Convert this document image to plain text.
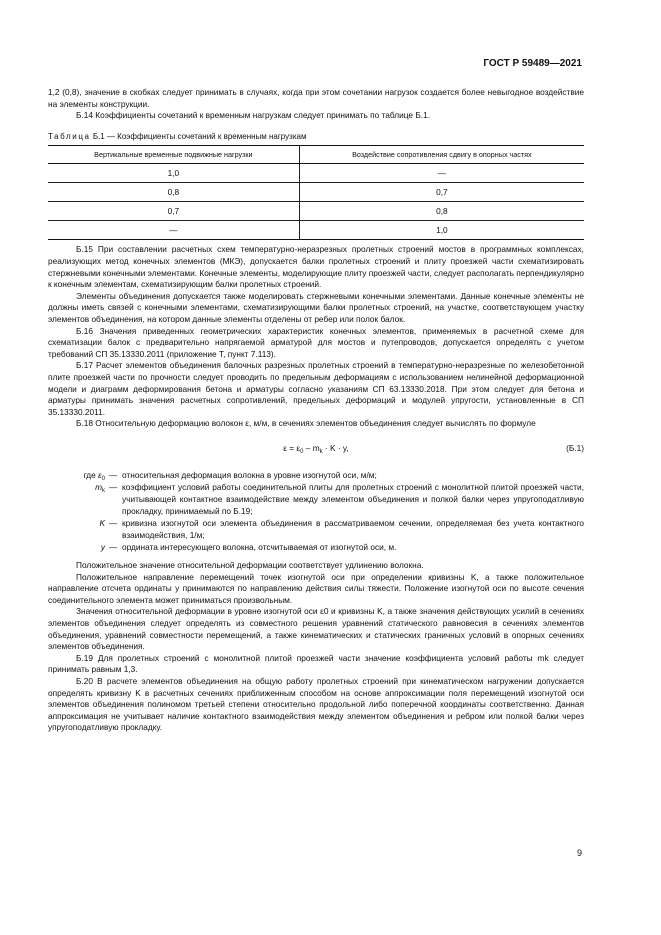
ГОСТ Р 59489—2021

1,2 (0,8), значение в скобках следует принимать в случаях, когда при этом сочетании нагрузок создается более невыгодное воздействие на элементы конструкции.

Б.14 Коэффициенты сочетаний к временным нагрузкам следует принимать по таблице Б.1.

Таблица Б.1 — Коэффициенты сочетаний к временным нагрузкам
Вертикальные временные подвижные нагрузки	Воздействие сопротивления сдвигу в опорных частях
1,0	—
0,8	0,7
0,7	0,8
—	1,0

Б.15 При составлении расчетных схем температурно-неразрезных пролетных строений мостов в программных комплексах, реализующих метод конечных элементов (МКЭ), допускается балки пролетных строений и плиту проезжей части схематизировать стержневыми конечными элементами. Конечные элементы, моделирующие плиту проезжей части, следует располагать перпендикулярно к конечным элементам, схематизирующим балки пролетных строений.

Элементы объединения допускается также моделировать стержневыми конечными элементами. Данные конечные элементы не должны иметь связей с конечными элементами, схематизирующими балки пролетных строений, на участке, соответствующем участку элементов объединения, на котором данные элементы отделены от ребер или полок балок.

Б.16 Значения приведенных геометрических характеристик конечных элементов, применяемых в расчетной схеме для схематизации балок с предварительно напрягаемой арматурой для мостов и путепроводов, допускается определять с учетом требований СП 35.13330.2011 (приложение Т, пункт 7.113).

Б.17 Расчет элементов объединения балочных разрезных пролетных строений в температурно-неразрезные по железобетонной плите проезжей части по прочности следует проводить по предельным деформациям с использованием нелинейной деформационной модели и диаграмм деформирования бетона и арматуры согласно указаниям СП 63.13330.2018. При этом следует для бетона и арматуры принимать значения расчетных сопротивлений, предельных деформаций и модулей упругости, установленные в СП 35.13330.2011.

Б.18 Относительную деформацию волокон ε, м/м, в сечениях элементов объединения следует вычислять по формуле

$\varepsilon = \varepsilon_0 - m_k \cdot K \cdot y$,	(Б.1)
где $\varepsilon_0$ — относительная деформация волокна в уровне изогнутой оси, м/м;
$m_k$ — коэффициент условий работы соединительной плиты для пролетных строений с монолитной плитой проезжей части, учитывающей контактное взаимодействие между элементом объединения и полкой балки через упругоподатливую прокладку, принимаемый по Б.19;
K — кривизна изогнутой оси элемента объединения в рассматриваемом сечении, определяемая без учета контактного взаимодействия, 1/м;
y — ордината интересующего волокна, отсчитываемая от изогнутой оси, м.

Положительное значение относительной деформации соответствует удлинению волокна.

Положительное направление перемещений точек изогнутой оси при определении кривизны K, а также положительное направление отсчета ординаты y принимаются по направлению действия силы тяжести. Положение изогнутой оси по высоте сечения соединительного элемента может приниматься произвольным.

Значения относительной деформации в уровне изогнутой оси ε0 и кривизны K, а также значения действующих усилий в сечениях элементов объединения следует определять из совместного решения уравнений статического равновесия в сечениях элементов объединения, уравнений совместности перемещений, а также кинематических и статических граничных условий в опорных сечениях элементов объединения.

Б.19 Для пролетных строений с монолитной плитой проезжей части значение коэффициента условий работы mk следует принимать равным 1,3.

Б.20 В расчете элементов объединения на общую работу пролетных строений при кинематическом нагружении допускается определять кривизну K в расчетных сечениях приближенным способом на основе аппроксимации поля перемещений изогнутой оси элементов объединения полиномом третьей степени относительно продольной либо поперечной координаты соответственно. Данная аппроксимация не учитывает наличие контактного взаимодействия между элементом объединения и ребром или полкой балки через упругоподатливую прокладку.

9
